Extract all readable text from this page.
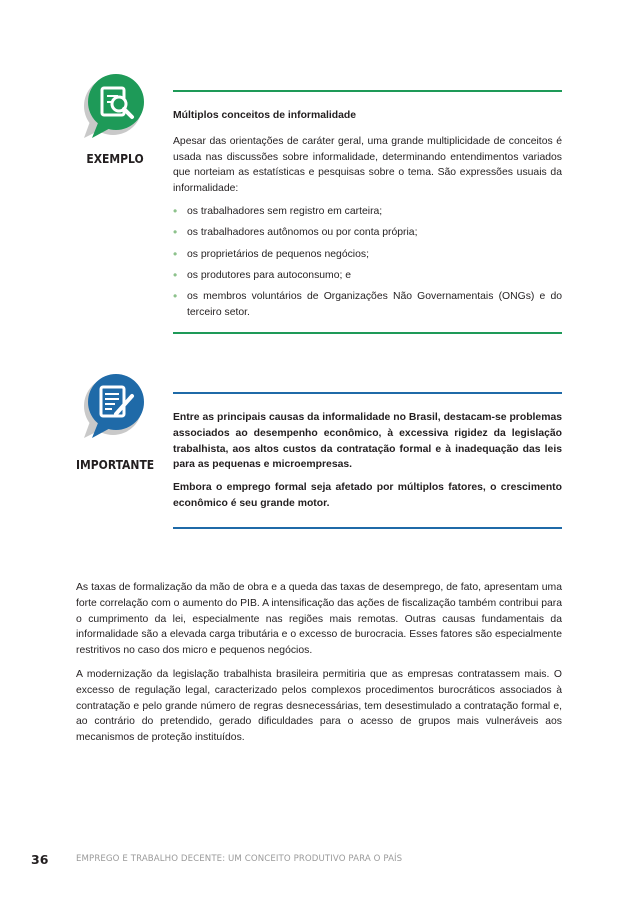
EXEMPLO

Múltiplos conceitos de informalidade

Apesar das orientações de caráter geral, uma grande multiplicidade de conceitos é usada nas discussões sobre informalidade, determinando entendimentos variados que norteiam as estatísticas e pesquisas sobre o tema. São expressões usuais da informalidade:

• os trabalhadores sem registro em carteira;
• os trabalhadores autônomos ou por conta própria;
• os proprietários de pequenos negócios;
• os produtores para autoconsumo; e
• os membros voluntários de Organizações Não Governamentais (ONGs) e do terceiro setor.
IMPORTANTE

Entre as principais causas da informalidade no Brasil, destacam-se problemas associados ao desempenho econômico, à excessiva rigidez da legislação trabalhista, aos altos custos da contratação formal e à inadequação das leis para as pequenas e microempresas.

Embora o emprego formal seja afetado por múltiplos fatores, o crescimento econômico é seu grande motor.

As taxas de formalização da mão de obra e a queda das taxas de desemprego, de fato, apresentam uma forte correlação com o aumento do PIB. A intensificação das ações de fiscalização também contribui para o cumprimento da lei, especialmente nas regiões mais remotas. Outras causas fundamentais da informalidade são a elevada carga tributária e o excesso de burocracia. Esses fatores são especialmente restritivos no caso dos micro e pequenos negócios.

A modernização da legislação trabalhista brasileira permitiria que as empresas contratassem mais. O excesso de regulação legal, caracterizado pelos complexos procedimentos burocráticos associados à contratação e pelo grande número de regras desnecessárias, tem desestimulado a contratação formal e, ao contrário do pretendido, gerado dificuldades para o acesso de grupos mais vulneráveis aos mecanismos de proteção instituídos.

36	EMPREGO E TRABALHO DECENTE: UM CONCEITO PRODUTIVO PARA O PAÍS
